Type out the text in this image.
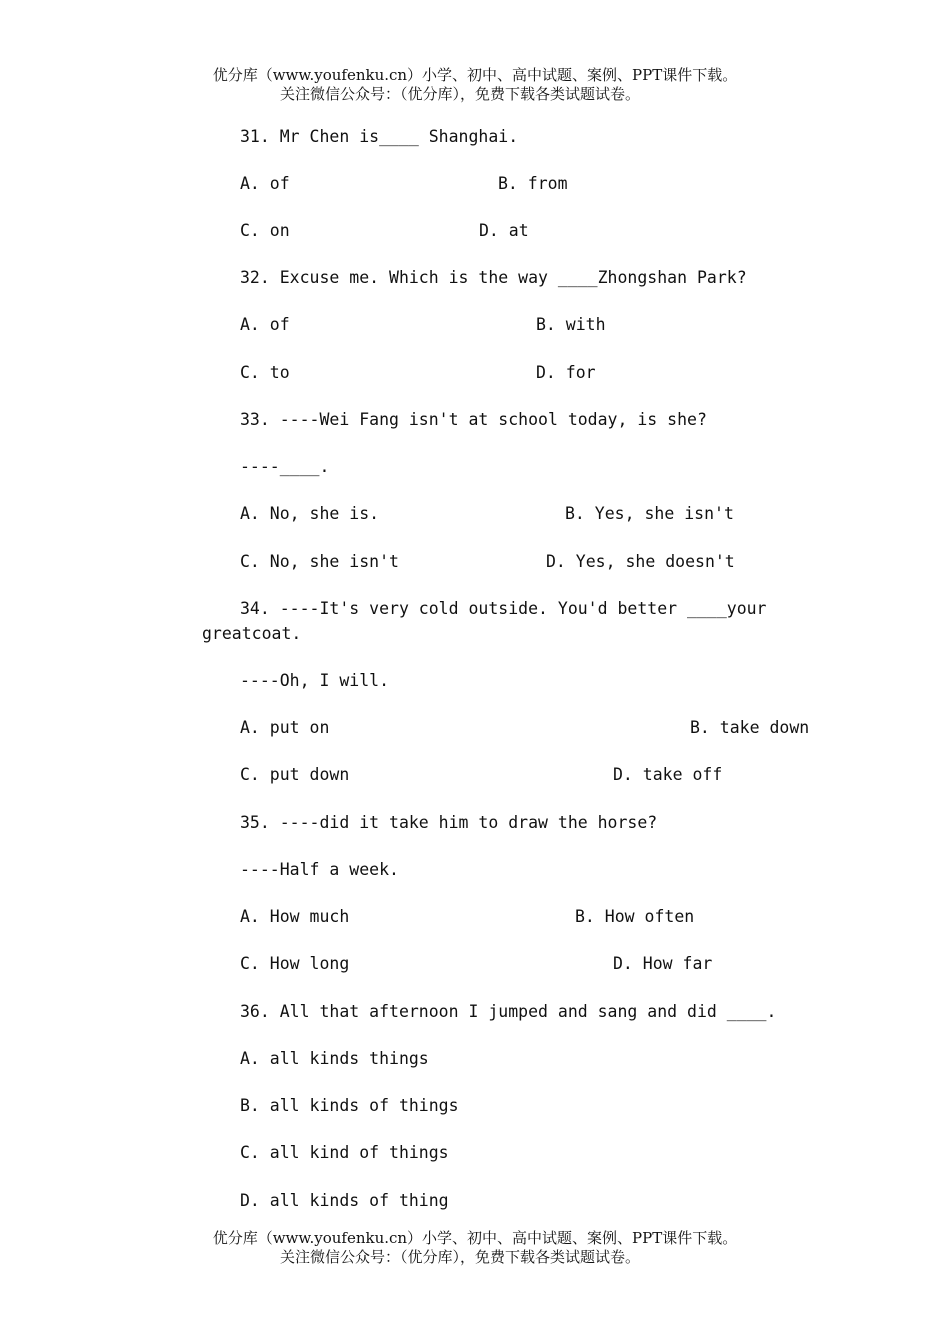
优分库（www.youfenku.cn）小学、初中、高中试题、案例、PPT课件下载。
关注微信公众号：（优分库），免费下载各类试题试卷。
31. Mr Chen is____ Shanghai.
A. of	B. from
C. on	D. at
32. Excuse me. Which is the way ____Zhongshan Park?
A. of	B. with
C. to	D. for
33. ----Wei Fang isn't at school today, is she?
----____.
A. No, she is.	B. Yes, she isn't
C. No, she isn't	D. Yes, she doesn't
34. ----It's very cold outside. You'd better ____your
greatcoat.
----Oh, I will.
A. put on	B. take down
C. put down	D. take off
35. ----did it take him to draw the horse?
----Half a week.
A. How much	B. How often
C. How long	D. How far
36. All that afternoon I jumped and sang and did ____.
A. all kinds things
B. all kinds of things
C. all kind of things
D. all kinds of thing
优分库（www.youfenku.cn）小学、初中、高中试题、案例、PPT课件下载。
关注微信公众号：（优分库），免费下载各类试题试卷。
